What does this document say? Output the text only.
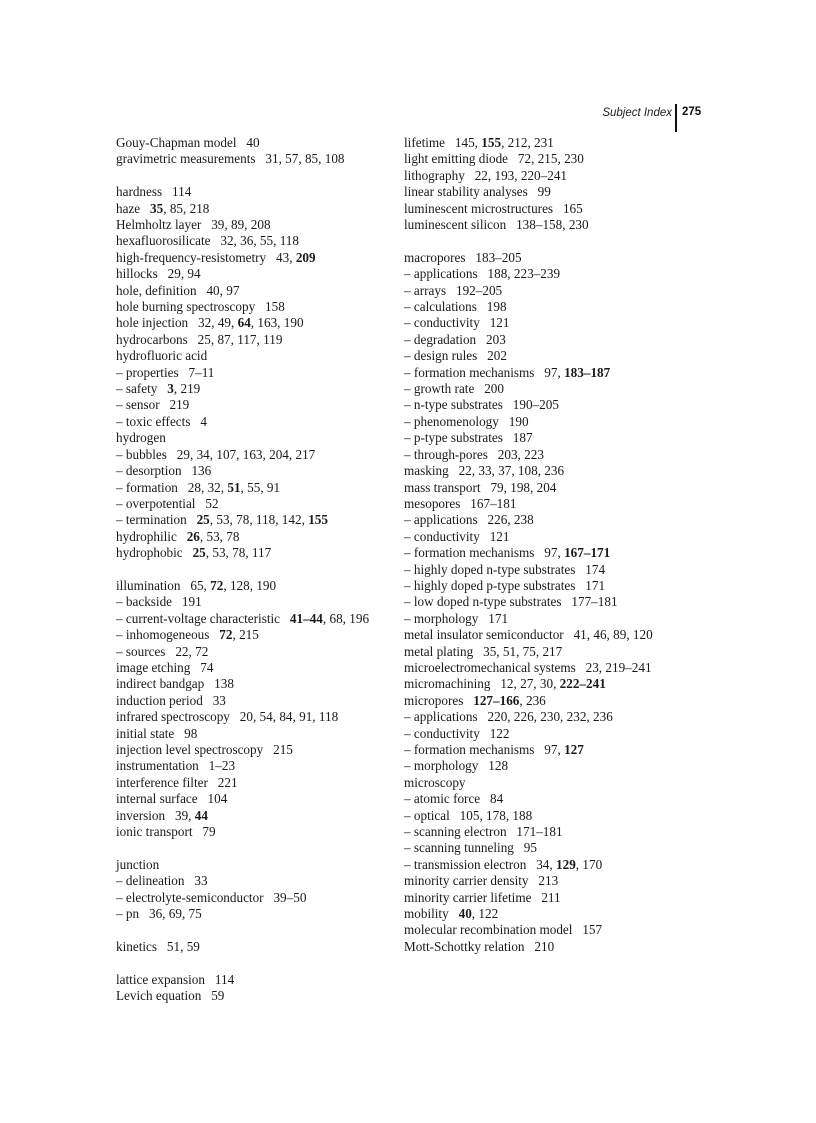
Subject Index 275
Gouy-Chapman model   40
gravimetric measurements   31, 57, 85, 108
hardness   114
haze   35, 85, 218
Helmholtz layer   39, 89, 208
hexafluorosilicate   32, 36, 55, 118
high-frequency-resistometry   43, 209
hillocks   29, 94
hole, definition   40, 97
hole burning spectroscopy   158
hole injection   32, 49, 64, 163, 190
hydrocarbons   25, 87, 117, 119
hydrofluoric acid
– properties   7–11
– safety   3, 219
– sensor   219
– toxic effects   4
hydrogen
– bubbles   29, 34, 107, 163, 204, 217
– desorption   136
– formation   28, 32, 51, 55, 91
– overpotential   52
– termination   25, 53, 78, 118, 142, 155
hydrophilic   26, 53, 78
hydrophobic   25, 53, 78, 117
illumination   65, 72, 128, 190
– backside   191
– current-voltage characteristic   41–44, 68, 196
– inhomogeneous   72, 215
– sources   22, 72
image etching   74
indirect bandgap   138
induction period   33
infrared spectroscopy   20, 54, 84, 91, 118
initial state   98
injection level spectroscopy   215
instrumentation   1–23
interference filter   221
internal surface   104
inversion   39, 44
ionic transport   79
junction
– delineation   33
– electrolyte-semiconductor   39–50
– pn   36, 69, 75
kinetics   51, 59
lattice expansion   114
Levich equation   59
lifetime   145, 155, 212, 231
light emitting diode   72, 215, 230
lithography   22, 193, 220–241
linear stability analyses   99
luminescent microstructures   165
luminescent silicon   138–158, 230
macropores   183–205
– applications   188, 223–239
– arrays   192–205
– calculations   198
– conductivity   121
– degradation   203
– design rules   202
– formation mechanisms   97, 183–187
– growth rate   200
– n-type substrates   190–205
– phenomenology   190
– p-type substrates   187
– through-pores   203, 223
masking   22, 33, 37, 108, 236
mass transport   79, 198, 204
mesopores   167–181
– applications   226, 238
– conductivity   121
– formation mechanisms   97, 167–171
– highly doped n-type substrates   174
– highly doped p-type substrates   171
– low doped n-type substrates   177–181
– morphology   171
metal insulator semiconductor   41, 46, 89, 120
metal plating   35, 51, 75, 217
microelectromechanical systems   23, 219–241
micromachining   12, 27, 30, 222–241
micropores   127–166, 236
– applications   220, 226, 230, 232, 236
– conductivity   122
– formation mechanisms   97, 127
– morphology   128
microscopy
– atomic force   84
– optical   105, 178, 188
– scanning electron   171–181
– scanning tunneling   95
– transmission electron   34, 129, 170
minority carrier density   213
minority carrier lifetime   211
mobility   40, 122
molecular recombination model   157
Mott-Schottky relation   210
